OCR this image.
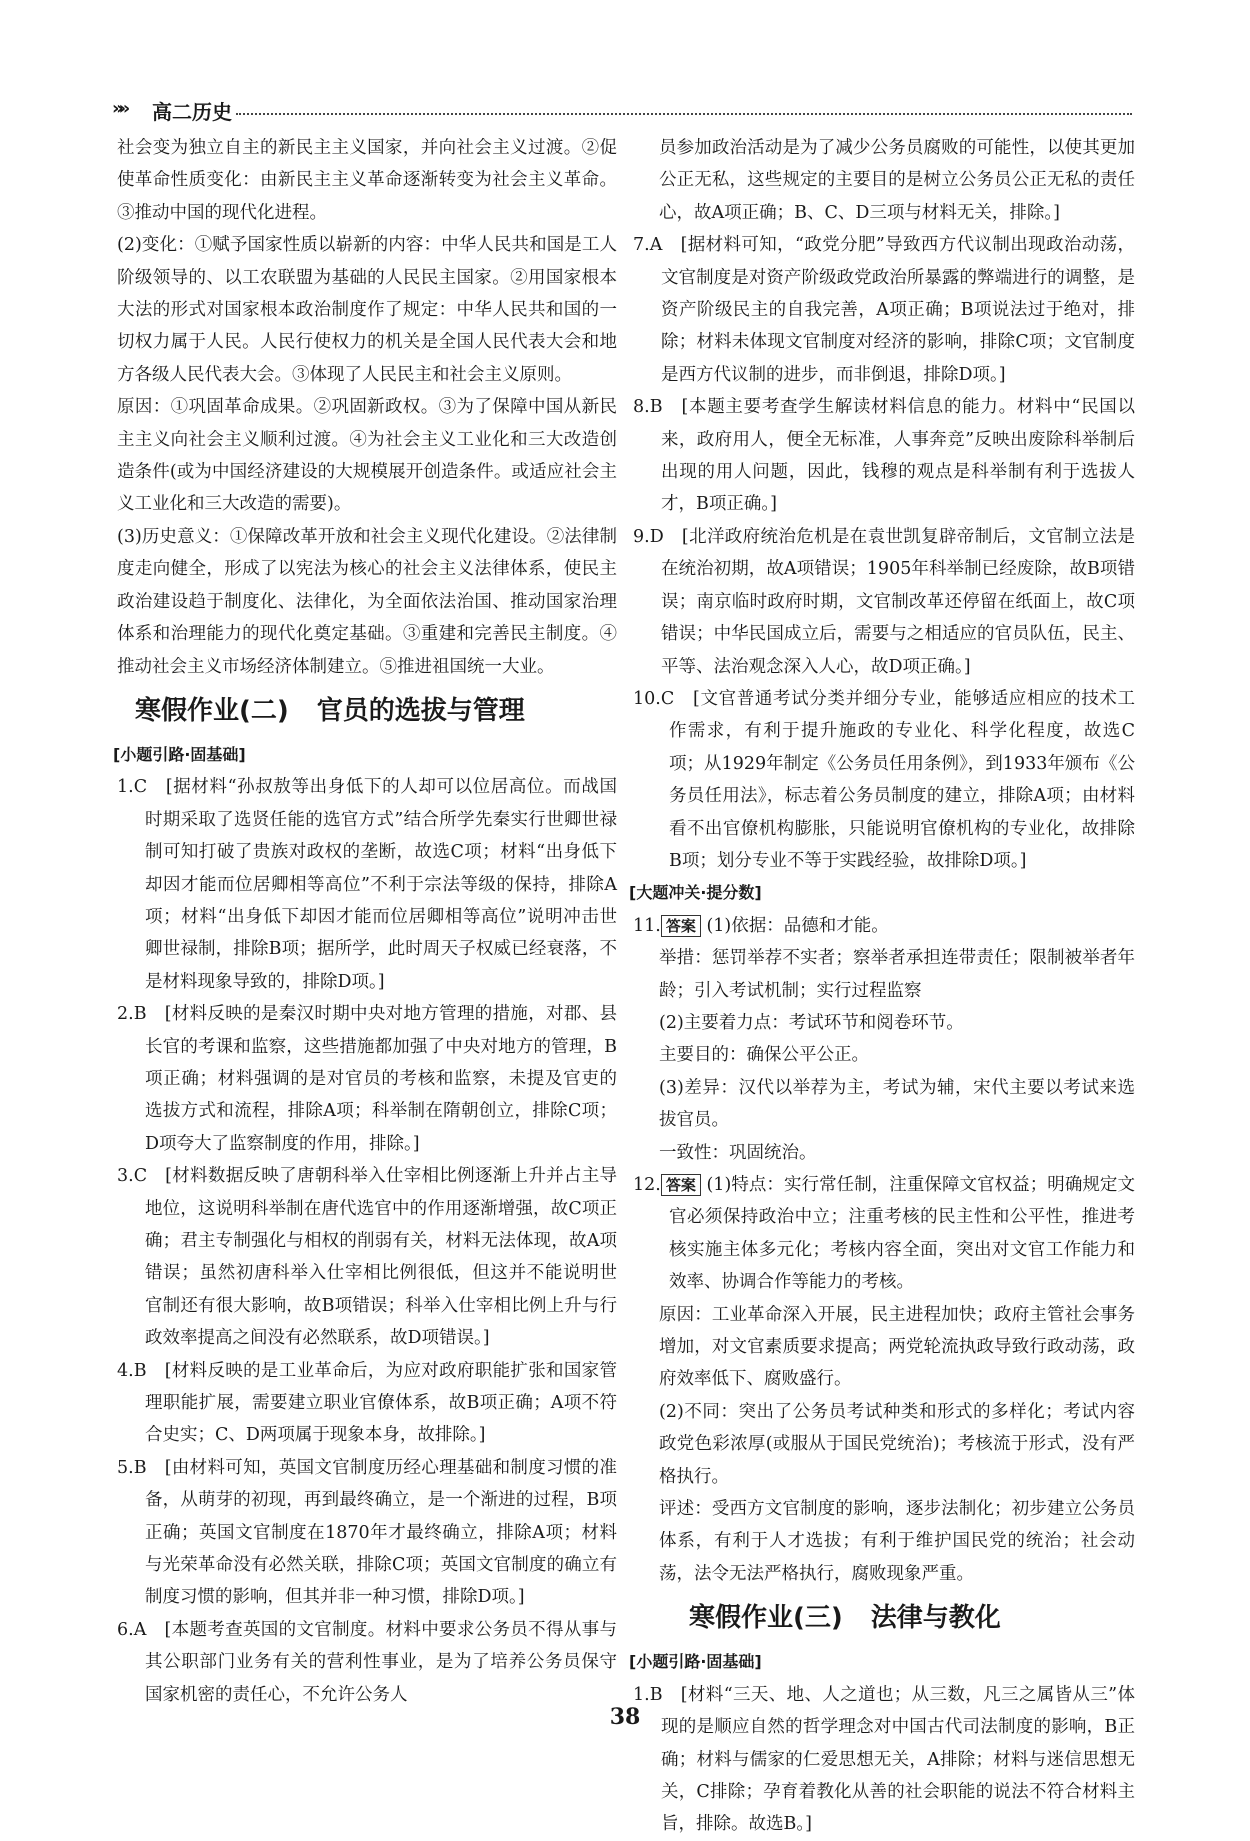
»» 高二历史

社会变为独立自主的新民主主义国家，并向社会主义过渡。②促使革命性质变化：由新民主主义革命逐渐转变为社会主义革命。③推动中国的现代化进程。

(2)变化：①赋予国家性质以崭新的内容：中华人民共和国是工人阶级领导的、以工农联盟为基础的人民民主国家。②用国家根本大法的形式对国家根本政治制度作了规定：中华人民共和国的一切权力属于人民。人民行使权力的机关是全国人民代表大会和地方各级人民代表大会。③体现了人民民主和社会主义原则。

原因：①巩固革命成果。②巩固新政权。③为了保障中国从新民主主义向社会主义顺利过渡。④为社会主义工业化和三大改造创造条件(或为中国经济建设的大规模展开创造条件。或适应社会主义工业化和三大改造的需要)。

(3)历史意义：①保障改革开放和社会主义现代化建设。②法律制度走向健全，形成了以宪法为核心的社会主义法律体系，使民主政治建设趋于制度化、法律化，为全面依法治国、推动国家治理体系和治理能力的现代化奠定基础。③重建和完善民主制度。④推动社会主义市场经济体制建立。⑤推进祖国统一大业。

寒假作业(二) 官员的选拔与管理
[小题引路·固基础]

1.C　[据材料“孙叔敖等出身低下的人却可以位居高位。而战国时期采取了选贤任能的选官方式”结合所学先秦实行世卿世禄制可知打破了贵族对政权的垄断，故选C项；材料“出身低下却因才能而位居卿相等高位”不利于宗法等级的保持，排除A项；材料“出身低下却因才能而位居卿相等高位”说明冲击世卿世禄制，排除B项；据所学，此时周天子权威已经衰落，不是材料现象导致的，排除D项。]

2.B　[材料反映的是秦汉时期中央对地方管理的措施，对郡、县长官的考课和监察，这些措施都加强了中央对地方的管理，B项正确；材料强调的是对官员的考核和监察，未提及官吏的选拔方式和流程，排除A项；科举制在隋朝创立，排除C项；D项夸大了监察制度的作用，排除。]

3.C　[材料数据反映了唐朝科举入仕宰相比例逐渐上升并占主导地位，这说明科举制在唐代选官中的作用逐渐增强，故C项正确；君主专制强化与相权的削弱有关，材料无法体现，故A项错误；虽然初唐科举入仕宰相比例很低，但这并不能说明世官制还有很大影响，故B项错误；科举入仕宰相比例上升与行政效率提高之间没有必然联系，故D项错误。]

4.B　[材料反映的是工业革命后，为应对政府职能扩张和国家管理职能扩展，需要建立职业官僚体系，故B项正确；A项不符合史实；C、D两项属于现象本身，故排除。]

5.B　[由材料可知，英国文官制度历经心理基础和制度习惯的准备，从萌芽的初现，再到最终确立，是一个渐进的过程，B项正确；英国文官制度在1870年才最终确立，排除A项；材料与光荣革命没有必然关联，排除C项；英国文官制度的确立有制度习惯的影响，但其并非一种习惯，排除D项。]

6.A　[本题考查英国的文官制度。材料中要求公务员不得从事与其公职部门业务有关的营利性事业，是为了培养公务员保守国家机密的责任心，不允许公务人

员参加政治活动是为了减少公务员腐败的可能性，以使其更加公正无私，这些规定的主要目的是树立公务员公正无私的责任心，故A项正确；B、C、D三项与材料无关，排除。]

7.A　[据材料可知，“政党分肥”导致西方代议制出现政治动荡，文官制度是对资产阶级政党政治所暴露的弊端进行的调整，是资产阶级民主的自我完善，A项正确；B项说法过于绝对，排除；材料未体现文官制度对经济的影响，排除C项；文官制度是西方代议制的进步，而非倒退，排除D项。]

8.B　[本题主要考查学生解读材料信息的能力。材料中“民国以来，政府用人，便全无标准，人事奔竞”反映出废除科举制后出现的用人问题，因此，钱穆的观点是科举制有利于选拔人才，B项正确。]

9.D　[北洋政府统治危机是在袁世凯复辟帝制后，文官制立法是在统治初期，故A项错误；1905年科举制已经废除，故B项错误；南京临时政府时期，文官制改革还停留在纸面上，故C项错误；中华民国成立后，需要与之相适应的官员队伍，民主、平等、法治观念深入人心，故D项正确。]

10.C　[文官普通考试分类并细分专业，能够适应相应的技术工作需求，有利于提升施政的专业化、科学化程度，故选C项；从1929年制定《公务员任用条例》，到1933年颁布《公务员任用法》，标志着公务员制度的建立，排除A项；由材料看不出官僚机构膨胀，只能说明官僚机构的专业化，故排除B项；划分专业不等于实践经验，故排除D项。]

[大题冲关·提分数]
11. 答案 (1)依据：品德和才能。

举措：惩罚举荐不实者；察举者承担连带责任；限制被举者年龄；引入考试机制；实行过程监察

(2)主要着力点：考试环节和阅卷环节。

主要目的：确保公平公正。

(3)差异：汉代以举荐为主，考试为辅，宋代主要以考试来选拔官员。

一致性：巩固统治。

12. 答案 (1)特点：实行常任制，注重保障文官权益；明确规定文官必须保持政治中立；注重考核的民主性和公平性，推进考核实施主体多元化；考核内容全面，突出对文官工作能力和效率、协调合作等能力的考核。

原因：工业革命深入开展，民主进程加快；政府主管社会事务增加，对文官素质要求提高；两党轮流执政导致行政动荡，政府效率低下、腐败盛行。

(2)不同：突出了公务员考试种类和形式的多样化；考试内容政党色彩浓厚(或服从于国民党统治)；考核流于形式，没有严格执行。

评述：受西方文官制度的影响，逐步法制化；初步建立公务员体系，有利于人才选拔；有利于维护国民党的统治；社会动荡，法令无法严格执行，腐败现象严重。

寒假作业(三) 法律与教化
[小题引路·固基础]

1.B　[材料“三天、地、人之道也；从三数，凡三之属皆从三”体现的是顺应自然的哲学理念对中国古代司法制度的影响，B正确；材料与儒家的仁爱思想无关，A排除；材料与迷信思想无关，C排除；孕育着教化从善的社会职能的说法不符合材料主旨，排除。故选B。]

38
